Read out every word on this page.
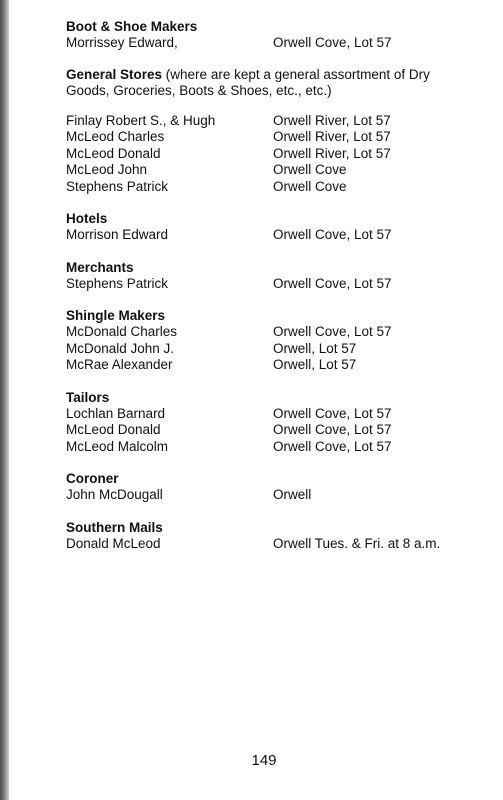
Boot & Shoe Makers
Morrissey Edward,	Orwell Cove, Lot 57
General Stores (where are kept a general assortment of Dry Goods, Groceries, Boots & Shoes, etc., etc.)
Finlay Robert S., & Hugh	Orwell River, Lot 57
McLeod Charles	Orwell River, Lot 57
McLeod Donald	Orwell River, Lot 57
McLeod John	Orwell Cove
Stephens Patrick	Orwell Cove
Hotels
Morrison Edward	Orwell Cove, Lot 57
Merchants
Stephens Patrick	Orwell Cove, Lot 57
Shingle Makers
McDonald Charles	Orwell Cove, Lot 57
McDonald John J.	Orwell, Lot 57
McRae Alexander	Orwell, Lot 57
Tailors
Lochlan Barnard	Orwell Cove, Lot 57
McLeod Donald	Orwell Cove, Lot 57
McLeod Malcolm	Orwell Cove, Lot 57
Coroner
John McDougall	Orwell
Southern Mails
Donald McLeod	Orwell Tues. & Fri. at 8 a.m.
149
